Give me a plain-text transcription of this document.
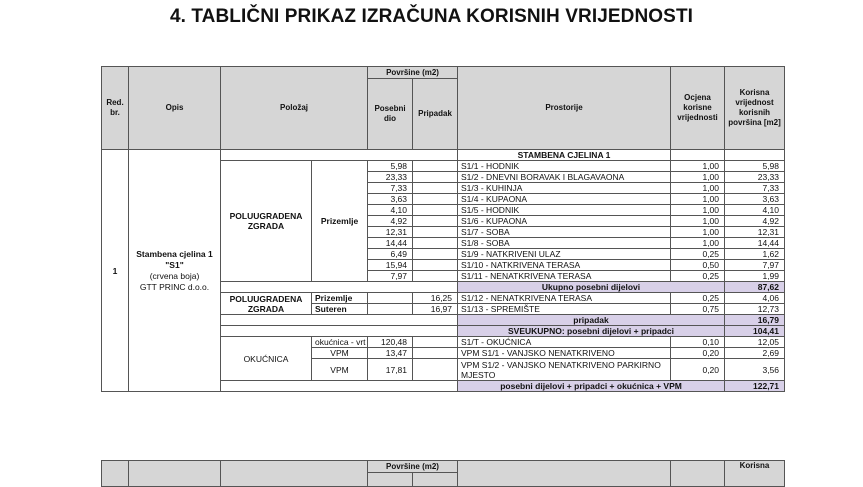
4. TABLIČNI PRIKAZ IZRAČUNA KORISNIH VRIJEDNOSTI
Red. br.	Opis	Položaj		Površine (m2)		Prostorije	Ocjena korisne vrijednosti	Korisna vrijednost korisnih površina [m2]
				Posebni dio	Pripadak			
1	Stambena cjelina 1
"S1"
(crvena boja)
GTT PRINC d.o.o.					STAMBENA CJELINA 1		
		POLUUGRADENA ZGRADA	Prizemlje	5,98		S1/1 - HODNIK	1,00	5,98
				23,33		S1/2 - DNEVNI BORAVAK I BLAGAVAONA	1,00	23,33
				7,33		S1/3 - KUHINJA	1,00	7,33
				3,63		S1/4 - KUPAONA	1,00	3,63
				4,10		S1/5 - HODNIK	1,00	4,10
				4,92		S1/6 - KUPAONA	1,00	4,92
				12,31		S1/7 - SOBA	1,00	12,31
				14,44		S1/8 - SOBA	1,00	14,44
				6,49		S1/9 - NATKRIVENI ULAZ	0,25	1,62
				15,94		S1/10 - NATKRIVENA TERASA	0,50	7,97
				7,97		S1/11 - NENATKRIVENA TERASA	0,25	1,99
						Ukupno posebni dijelovi		87,62
		POLUUGRADENA ZGRADA	Prizemlje		16,25	S1/12 - NENATKRIVENA TERASA	0,25	4,06
			Suteren		16,97	S1/13 - SPREMIŠTE	0,75	12,73
						pripadak		16,79
						SVEUKUPNO: posebni dijelovi + pripadci		104,41
		OKUĆNICA	okućnica - vrt	120,48		S1/T - OKUĆNICA	0,10	12,05
			VPM	13,47		VPM S1/1 - VANJSKO NENATKRIVENO	0,20	2,69
			VPM	17,81		VPM S1/2 - VANJSKO NENATKRIVENO PARKIRNO MJESTO	0,20	3,56
						posebni dijelovi + pripadci + okućnica + VPM		122,71
			Površine (m2)				Korisna
